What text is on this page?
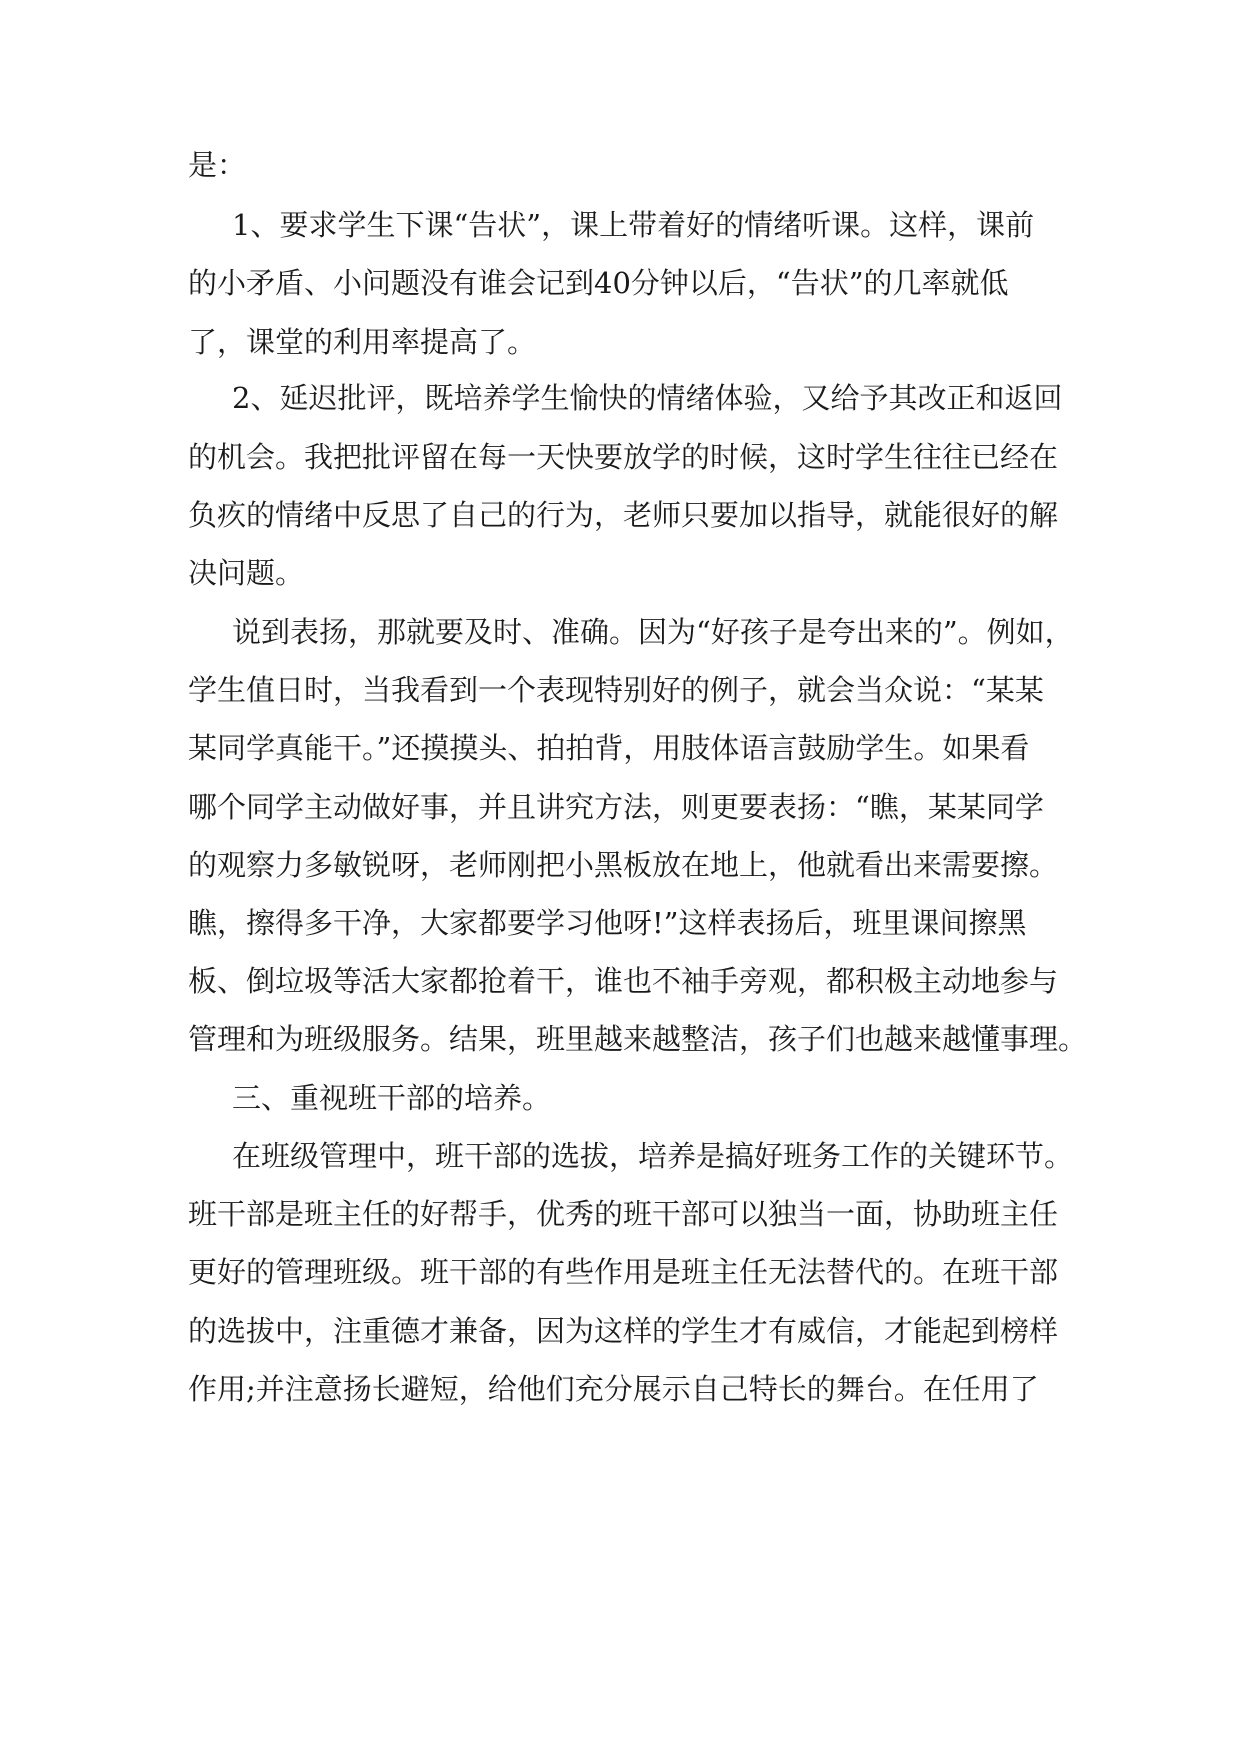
是：
1、要求学生下课“告状”，课上带着好的情绪听课。这样，课前
的小矛盾、小问题没有谁会记到40分钟以后，“告状”的几率就低
了，课堂的利用率提高了。
2、延迟批评，既培养学生愉快的情绪体验，又给予其改正和返回
的机会。我把批评留在每一天快要放学的时候，这时学生往往已经在
负疚的情绪中反思了自己的行为，老师只要加以指导，就能很好的解
决问题。
说到表扬，那就要及时、准确。因为“好孩子是夸出来的”。例如，
学生值日时，当我看到一个表现特别好的例子，就会当众说：“某某
某同学真能干。”还摸摸头、拍拍背，用肢体语言鼓励学生。如果看
哪个同学主动做好事，并且讲究方法，则更要表扬：“瞧，某某同学
的观察力多敏锐呀，老师刚把小黑板放在地上，他就看出来需要擦。
瞧，擦得多干净，大家都要学习他呀!”这样表扬后，班里课间擦黑
板、倒垃圾等活大家都抢着干，谁也不袖手旁观，都积极主动地参与
管理和为班级服务。结果，班里越来越整洁，孩子们也越来越懂事理。
三、重视班干部的培养。
在班级管理中，班干部的选拔，培养是搞好班务工作的关键环节。
班干部是班主任的好帮手，优秀的班干部可以独当一面，协助班主任
更好的管理班级。班干部的有些作用是班主任无法替代的。在班干部
的选拔中，注重德才兼备，因为这样的学生才有威信，才能起到榜样
作用;并注意扬长避短，给他们充分展示自己特长的舞台。在任用了
